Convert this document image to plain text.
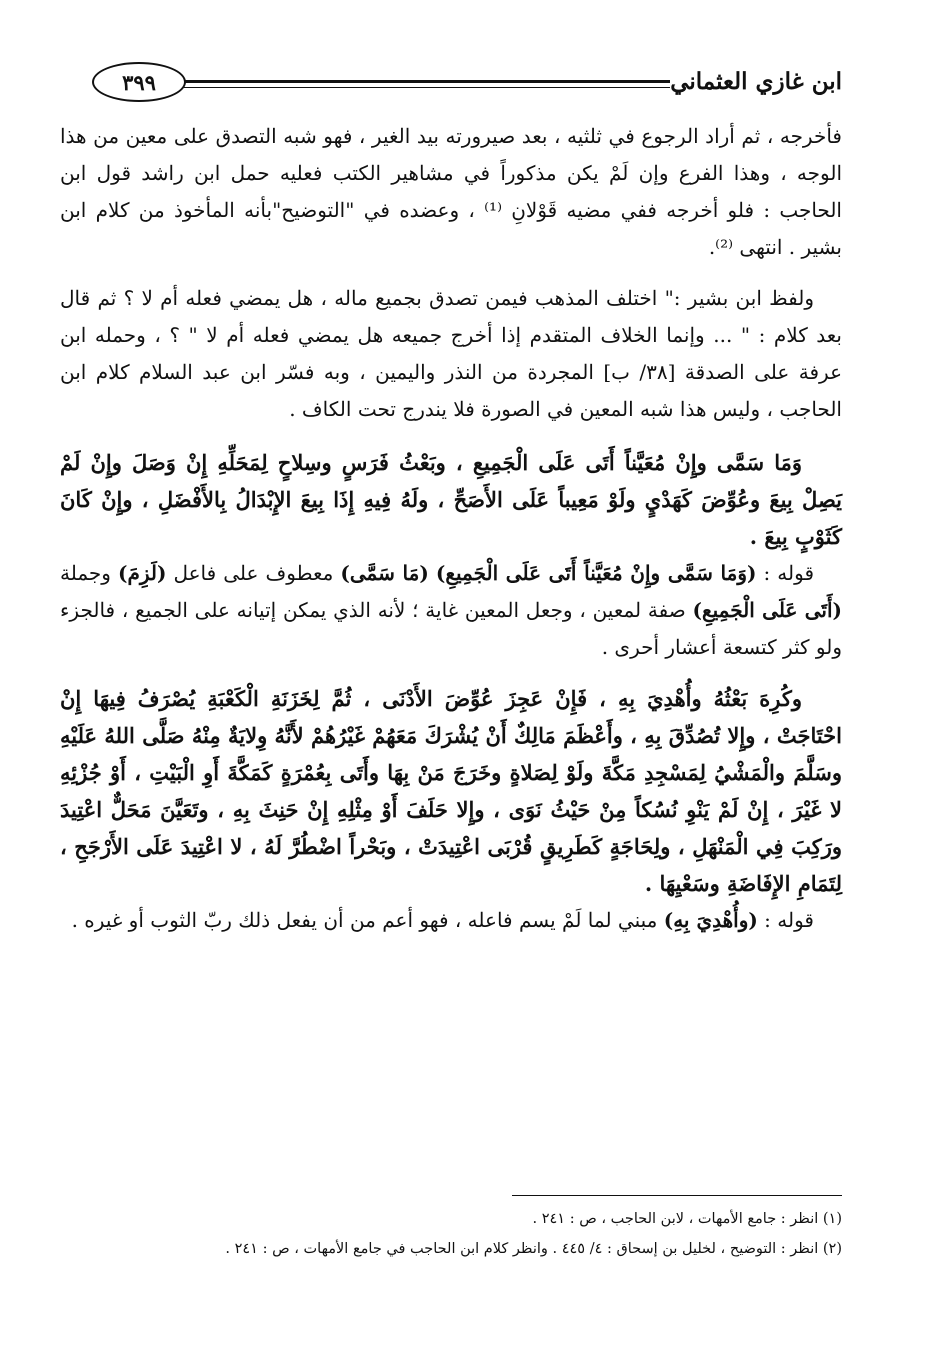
ابن غازي العثماني
٣٩٩

فأخرجه ، ثم أراد الرجوع في ثلثيه ، بعد صيرورته بيد الغير ، فهو شبه التصدق على معين من هذا الوجه ، وهذا الفرع وإن لَمْ يكن مذكوراً في مشاهير الكتب فعليه حمل ابن راشد قول ابن الحاجب : فلو أخرجه ففي مضيه قَوْلانِ ⁽¹⁾ ، وعضده في "التوضيح"بأنه المأخوذ من كلام ابن بشير . انتهى ⁽²⁾.

ولفظ ابن بشير :" اختلف المذهب فيمن تصدق بجميع ماله ، هل يمضي فعله أم لا ؟ ثم قال بعد كلام : " ... وإنما الخلاف المتقدم إذا أخرج جميعه هل يمضي فعله أم لا " ؟ ، وحمله ابن عرفة على الصدقة [٣٨/ ب] المجردة من النذر واليمين ، وبه فسّر ابن عبد السلام كلام ابن الحاجب ، وليس هذا شبه المعين في الصورة فلا يندرج تحت الكاف .

وَمَا سَمَّى وإِنْ مُعَيَّناً أَتَى عَلَى الْجَمِيعِ ، وبَعْثُ فَرَسٍ وسِلاحٍ لِمَحَلِّهِ إِنْ وَصَلَ وإِنْ لَمْ يَصِلْ بِيعَ وعُوِّضَ كَهَدْيٍ ولَوْ مَعِيباً عَلَى الأَصَحِّ ، ولَهُ فِيهِ إِذَا بِيعَ الإِبْدَالُ بِالأَفْضَلِ ، وإِنْ كَانَ كَثَوْبٍ بِيعَ .

قوله : (وَمَا سَمَّى وإِنْ مُعَيَّناً أَتَى عَلَى الْجَمِيعِ) (مَا سَمَّى) معطوف على فاعل (لَزِمَ) وجملة (أَتَى عَلَى الْجَمِيعِ) صفة لمعين ، وجعل المعين غاية ؛ لأنه الذي يمكن إتيانه على الجميع ، فالجزء ولو كثر كتسعة أعشار أحرى .

وكُرِهَ بَعْثُهُ وأُهْدِيَ بِهِ ، فَإِنْ عَجِزَ عُوِّضَ الأَدْنَى ، ثُمَّ لِخَزَنَةِ الْكَعْبَةِ يُصْرَفُ فِيهَا إِنْ احْتَاجَتْ ، وإِلا تُصُدِّقَ بِهِ ، وأَعْظَمَ مَالِكٌ أَنْ يُشْرَكَ مَعَهُمْ غَيْرُهُمْ لأَنَّهُ وِلايَةٌ مِنْهُ صَلَّى اللهُ عَلَيْهِ وسَلَّمَ والْمَشْيُ لِمَسْجِدِ مَكَّةَ ولَوْ لِصَلاةٍ وخَرَجَ مَنْ بِهَا وأَتَى بِعُمْرَةٍ كَمَكَّةَ أَوِ الْبَيْتِ ، أَوْ جُزْئِهِ لا غَيْرَ ، إِنْ لَمْ يَنْوِ نُسُكاً مِنْ حَيْثُ نَوَى ، وإِلا حَلَفَ أَوْ مِثْلِهِ إِنْ حَنِثَ بِهِ ، وتَعَيَّنَ مَحَلٌّ اعْتِيدَ ورَكِبَ فِي الْمَنْهَلِ ، ولِحَاجَةٍ كَطَرِيقٍ قُرْبَى اعْتِيدَتْ ، وبَحْراً اضْطُرَّ لَهُ ، لا اعْتِيدَ عَلَى الأَرْجَحِ ، لِتَمَامِ الإِفَاضَةِ وسَعْيِهَا .

قوله : (وأُهْدِيَ بِهِ) مبني لما لَمْ يسم فاعله ، فهو أعم من أن يفعل ذلك ربّ الثوب أو غيره .

(١) انظر : جامع الأمهات ، لابن الحاجب ، ص : ٢٤١ .
(٢) انظر : التوضيح ، لخليل بن إسحاق : ٤/ ٤٤٥ . وانظر كلام ابن الحاجب في جامع الأمهات ، ص : ٢٤١ .
